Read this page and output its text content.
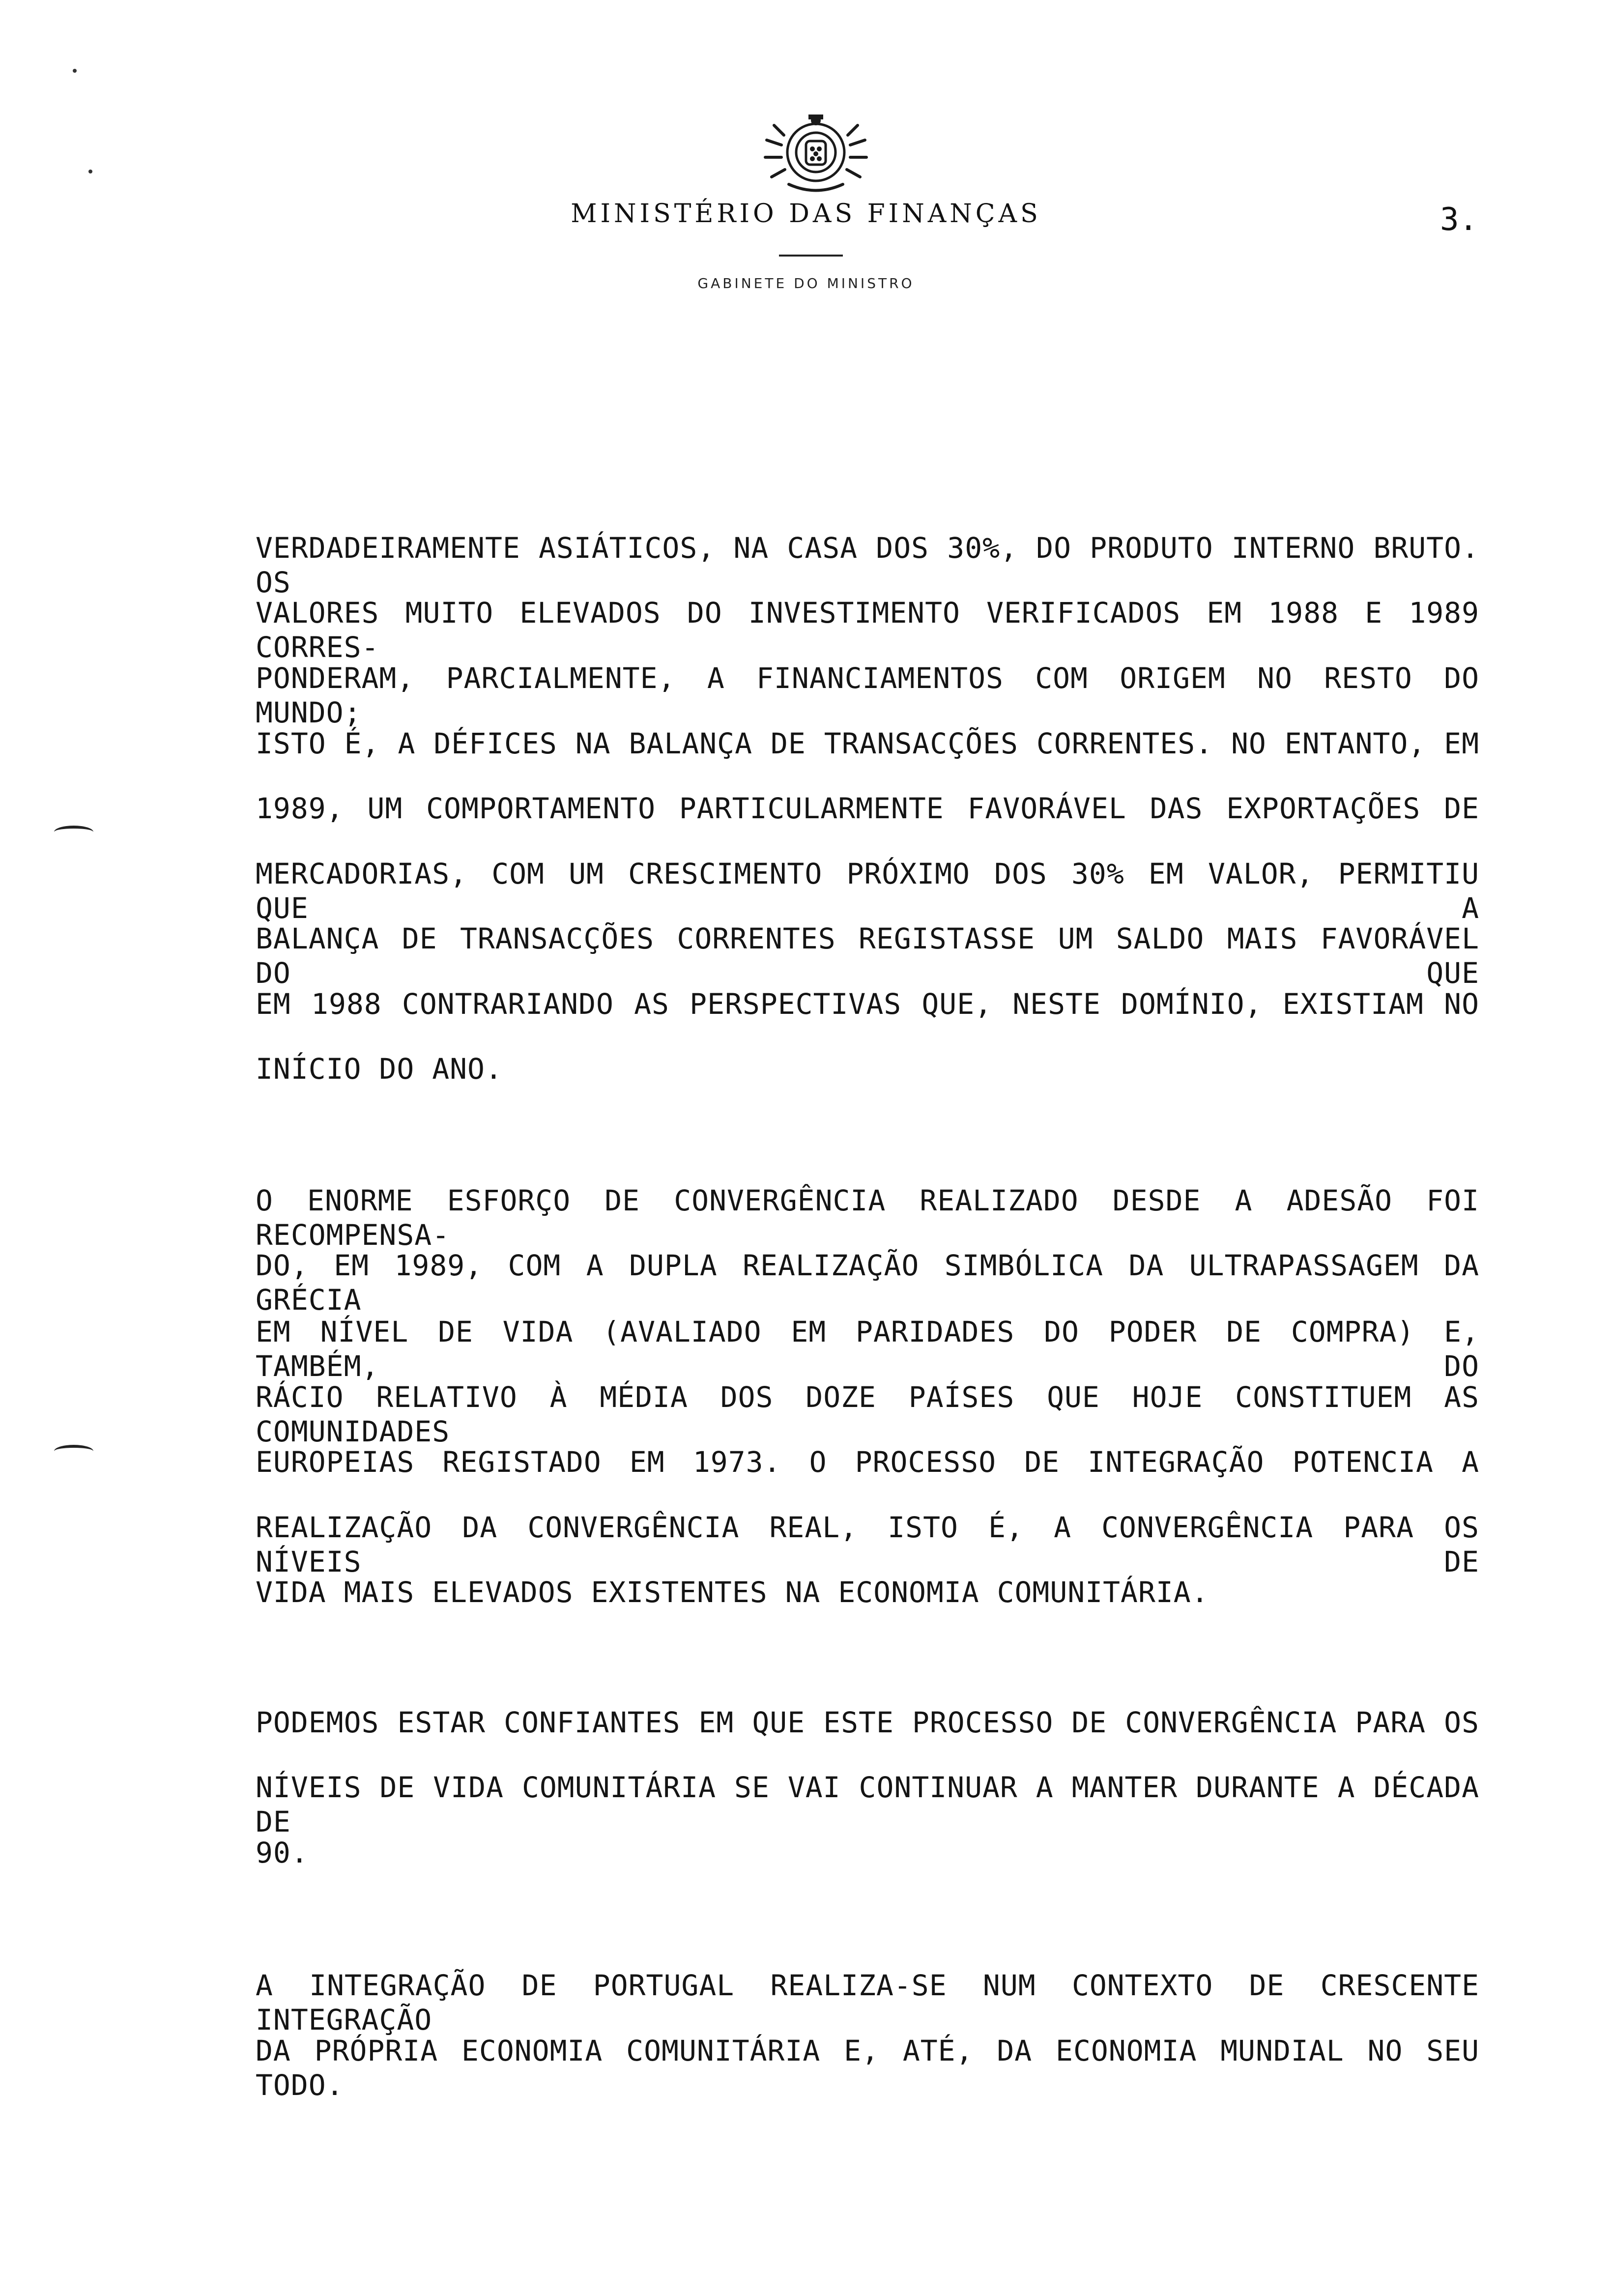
MINISTÉRIO DAS FINANÇAS
GABINETE DO MINISTRO
3.
VERDADEIRAMENTE ASIÁTICOS, NA CASA DOS 30%, DO PRODUTO INTERNO BRUTO. OS
VALORES MUITO ELEVADOS DO INVESTIMENTO VERIFICADOS EM 1988 E 1989 CORRES-
PONDERAM, PARCIALMENTE, A FINANCIAMENTOS COM ORIGEM NO RESTO DO MUNDO;
ISTO É, A DÉFICES NA BALANÇA DE TRANSACÇÕES CORRENTES. NO ENTANTO, EM
1989, UM COMPORTAMENTO PARTICULARMENTE FAVORÁVEL DAS EXPORTAÇÕES DE
MERCADORIAS, COM UM CRESCIMENTO PRÓXIMO DOS 30% EM VALOR, PERMITIU QUE A
BALANÇA DE TRANSACÇÕES CORRENTES REGISTASSE UM SALDO MAIS FAVORÁVEL DO QUE
EM 1988 CONTRARIANDO AS PERSPECTIVAS QUE, NESTE DOMÍNIO, EXISTIAM NO
INÍCIO DO ANO.
O ENORME ESFORÇO DE CONVERGÊNCIA REALIZADO DESDE A ADESÃO FOI RECOMPENSA-
DO, EM 1989, COM A DUPLA REALIZAÇÃO SIMBÓLICA DA ULTRAPASSAGEM DA GRÉCIA
EM NÍVEL DE VIDA (AVALIADO EM PARIDADES DO PODER DE COMPRA) E, TAMBÉM, DO
RÁCIO RELATIVO À MÉDIA DOS DOZE PAÍSES QUE HOJE CONSTITUEM AS COMUNIDADES
EUROPEIAS REGISTADO EM 1973. O PROCESSO DE INTEGRAÇÃO POTENCIA A
REALIZAÇÃO DA CONVERGÊNCIA REAL, ISTO É, A CONVERGÊNCIA PARA OS NÍVEIS DE
VIDA MAIS ELEVADOS EXISTENTES NA ECONOMIA COMUNITÁRIA.
PODEMOS ESTAR CONFIANTES EM QUE ESTE PROCESSO DE CONVERGÊNCIA PARA OS
NÍVEIS DE VIDA COMUNITÁRIA SE VAI CONTINUAR A MANTER DURANTE A DÉCADA DE
90.
A INTEGRAÇÃO DE PORTUGAL REALIZA-SE NUM CONTEXTO DE CRESCENTE INTEGRAÇÃO
DA PRÓPRIA ECONOMIA COMUNITÁRIA E, ATÉ, DA ECONOMIA MUNDIAL NO SEU TODO.
